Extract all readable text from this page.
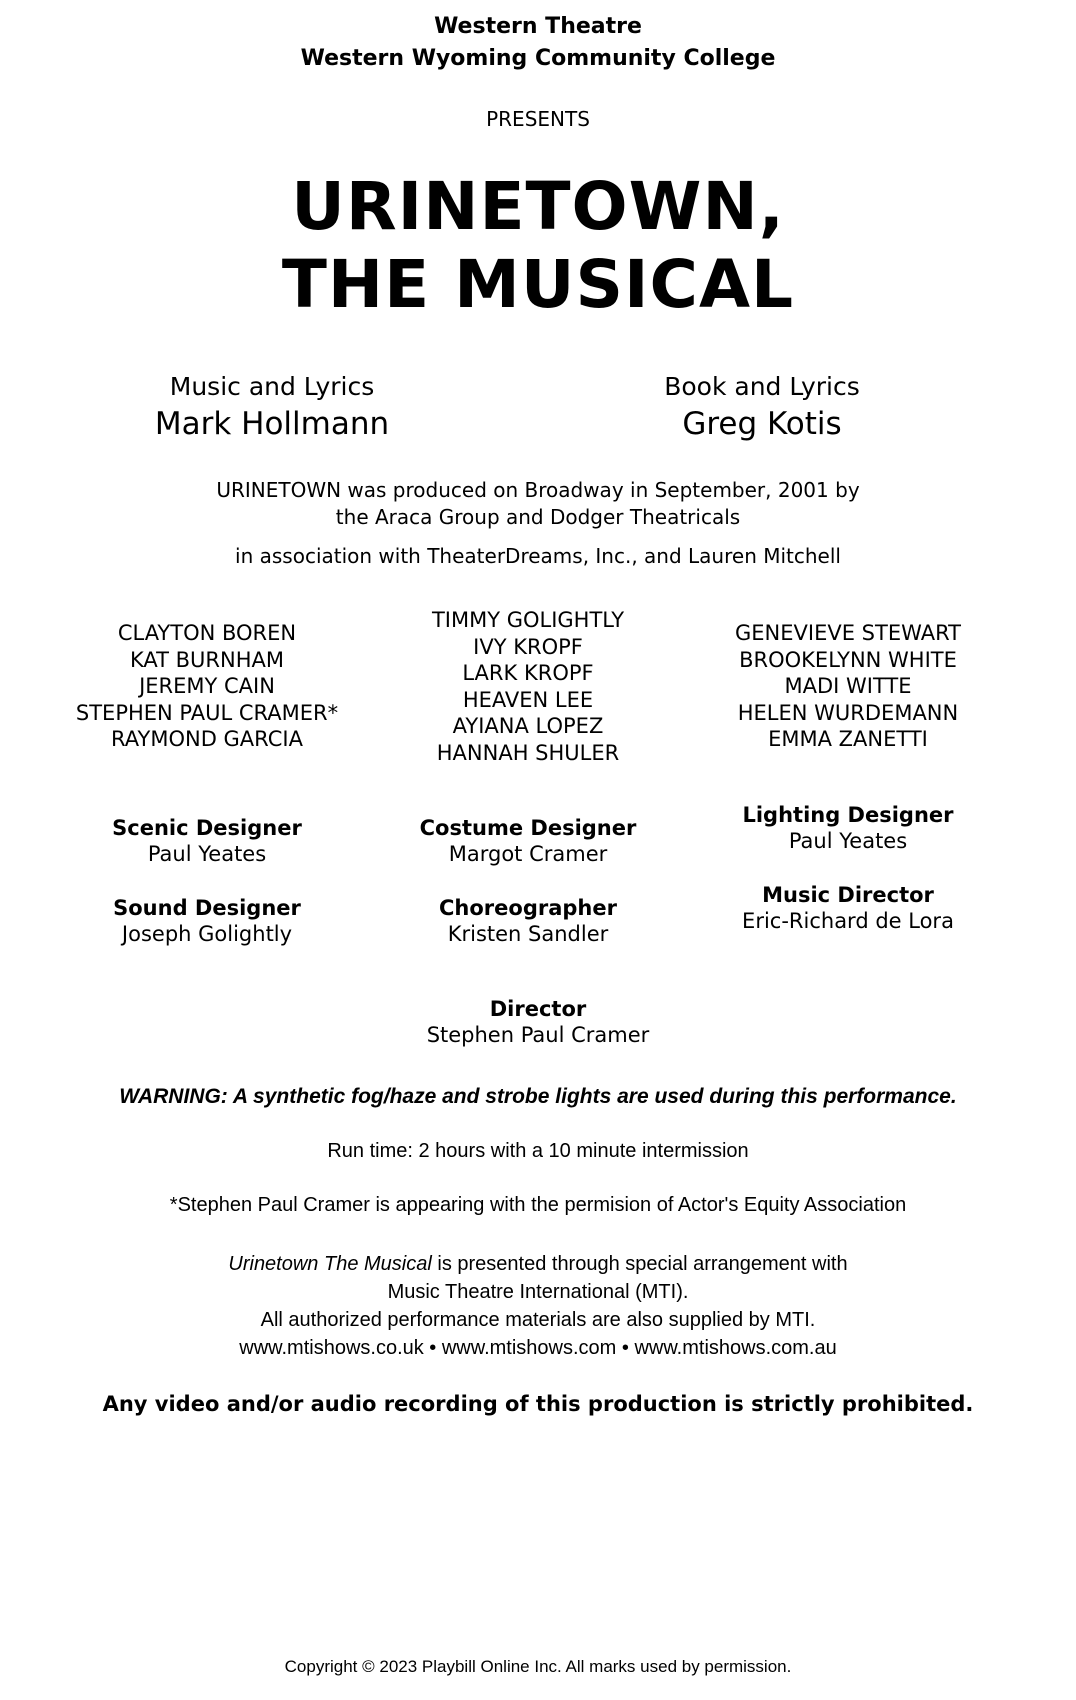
Western Theatre
Western Wyoming Community College
PRESENTS
URINETOWN,
THE MUSICAL
Music and Lyrics
Mark Hollmann
Book and Lyrics
Greg Kotis
URINETOWN was produced on Broadway in September, 2001 by
the Araca Group and Dodger Theatricals
in association with TheaterDreams, Inc., and Lauren Mitchell
CLAYTON BOREN
KAT BURNHAM
JEREMY CAIN
STEPHEN PAUL CRAMER*
RAYMOND GARCIA
TIMMY GOLIGHTLY
IVY KROPF
LARK KROPF
HEAVEN LEE
AYIANA LOPEZ
HANNAH SHULER
GENEVIEVE STEWART
BROOKELYNN WHITE
MADI WITTE
HELEN WURDEMANN
EMMA ZANETTI
Scenic Designer
Paul Yeates
Costume Designer
Margot Cramer
Lighting Designer
Paul Yeates
Sound Designer
Joseph Golightly
Choreographer
Kristen Sandler
Music Director
Eric-Richard de Lora
Director
Stephen Paul Cramer
WARNING: A synthetic fog/haze and strobe lights are used during this performance.
Run time: 2 hours with a 10 minute intermission
*Stephen Paul Cramer is appearing with the permision of Actor's Equity Association
Urinetown The Musical is presented through special arrangement with
Music Theatre International (MTI).
All authorized performance materials are also supplied by MTI.
www.mtishows.co.uk • www.mtishows.com • www.mtishows.com.au
Any video and/or audio recording of this production is strictly prohibited.
Copyright © 2023 Playbill Online Inc. All marks used by permission.
